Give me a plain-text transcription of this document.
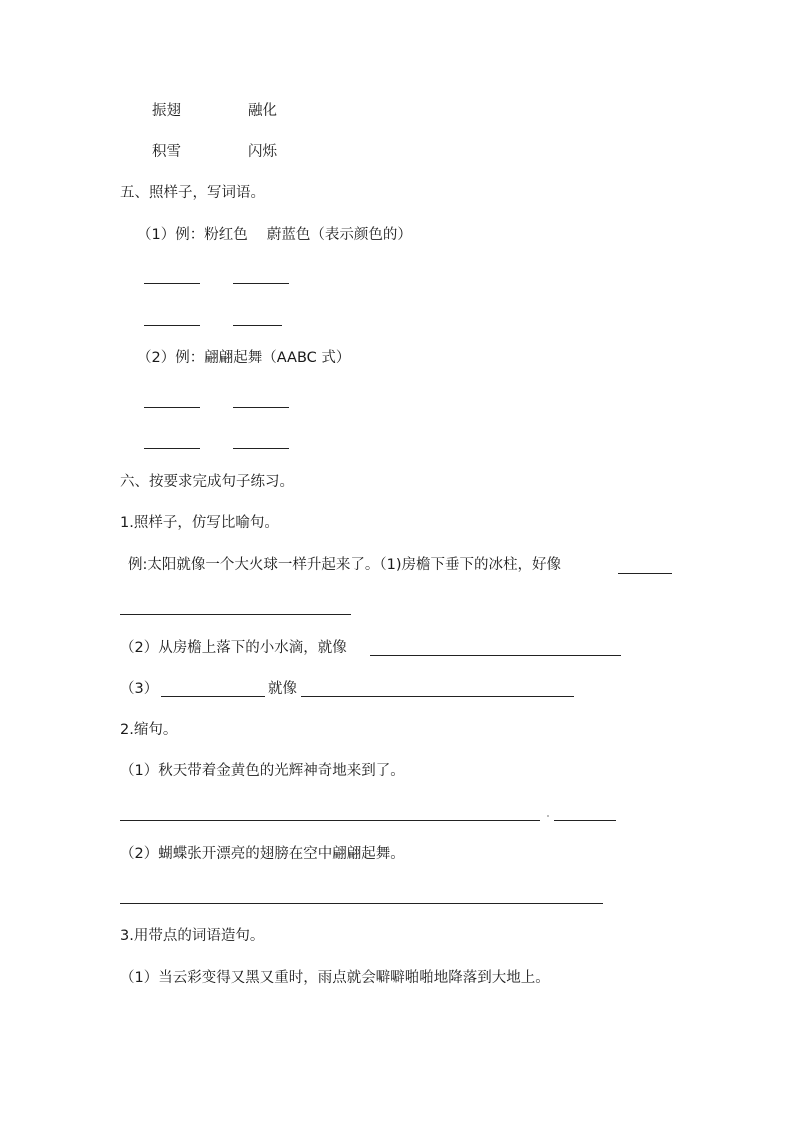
振翅	融化
积雪	闪烁
五、照样子，写词语。
（1）例：粉红色　 蔚蓝色（表示颜色的）
（2）例：翩翩起舞（AABC 式）
六、按要求完成句子练习。
1.照样子，仿写比喻句。
例:太阳就像一个大火球一样升起来了。（1)房檐下垂下的冰柱，好像
（2）从房檐上落下的小水滴，就像
（3）	就像
2.缩句。
（1）秋天带着金黄色的光辉神奇地来到了。
（2）蝴蝶张开漂亮的翅膀在空中翩翩起舞。
3.用带点的词语造句。
（1）当云彩变得又黑又重时，雨点就会噼噼啪啪地降落到大地上。
